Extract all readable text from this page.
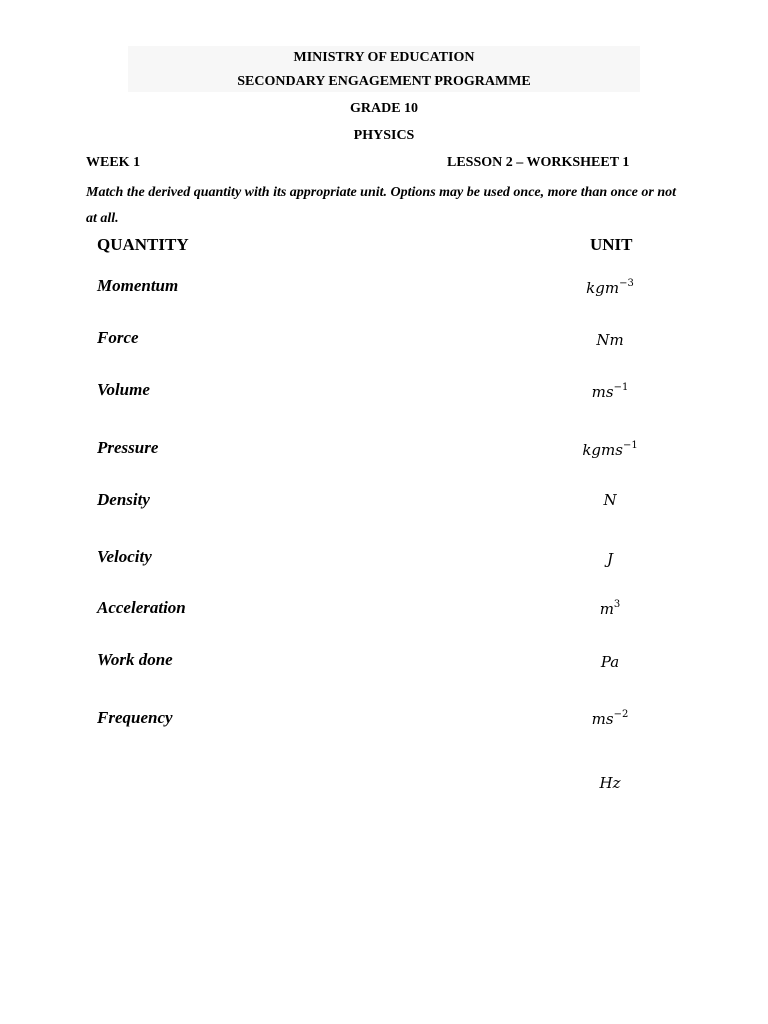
MINISTRY OF EDUCATION
SECONDARY ENGAGEMENT PROGRAMME
GRADE 10
PHYSICS
WEEK 1	LESSON 2 – WORKSHEET 1
Match the derived quantity with its appropriate unit. Options may be used once, more than once or not at all.
QUANTITY	UNIT
Momentum
Force
Volume
Pressure
Density
Velocity
Acceleration
Work done
Frequency
kgm$^{-3}$
Nm
$ms^{-1}$
kgms$^{-1}$
N
J
$m^3$
Pa
$ms^{-2}$
Hz
